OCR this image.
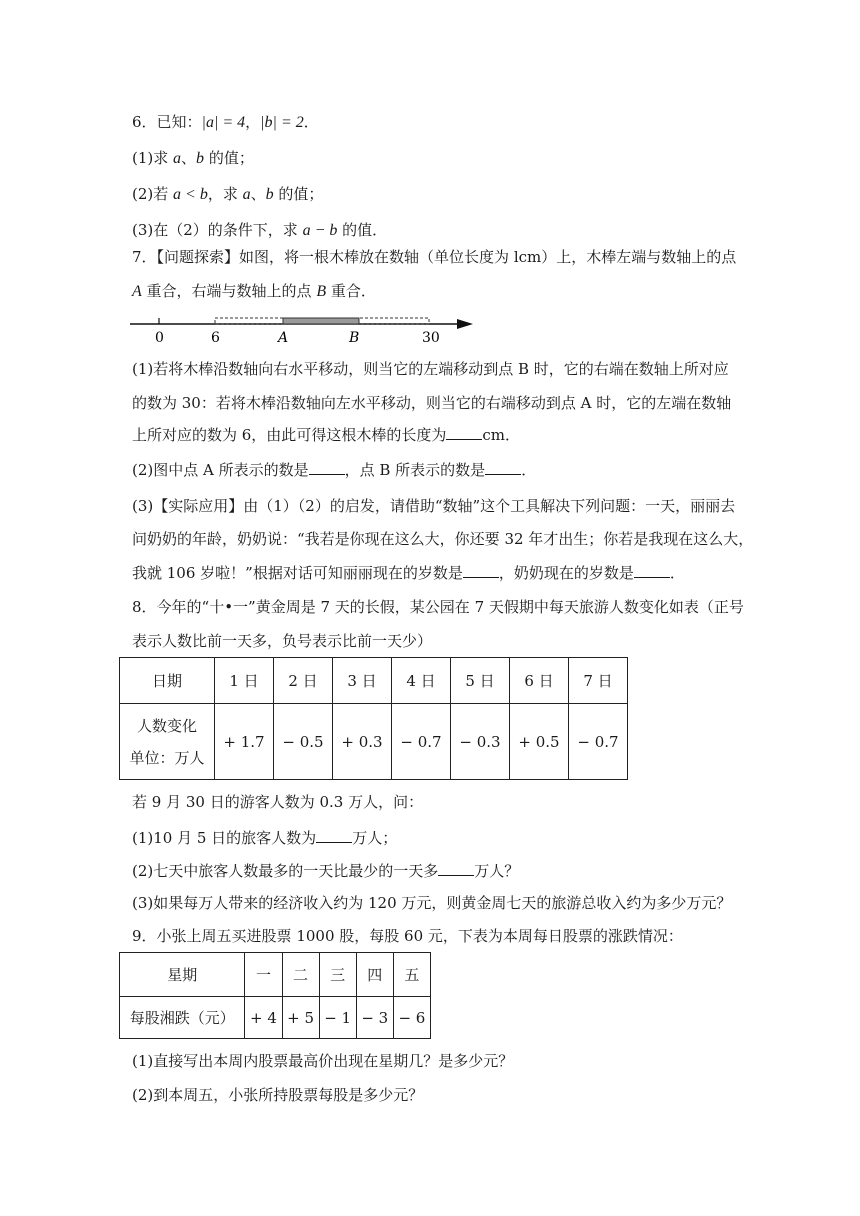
6．已知：|a| = 4，|b| = 2．
(1)求 a、b 的值；
(2)若 a < b，求 a、b 的值；
(3)在（2）的条件下，求 a − b 的值．
7．【问题探索】如图，将一根木棒放在数轴（单位长度为 lcm）上，木棒左端与数轴上的点
A 重合，右端与数轴上的点 B 重合．
0	6	A	B	30
(1)若将木棒沿数轴向右水平移动，则当它的左端移动到点 B 时，它的右端在数轴上所对应
的数为 30：若将木棒沿数轴向左水平移动，则当它的右端移动到点 A 时，它的左端在数轴
上所对应的数为 6，由此可得这根木棒的长度为 cm．
(2)图中点 A 所表示的数是 ，点 B 所表示的数是 ．
(3)【实际应用】由（1）（2）的启发，请借助“数轴”这个工具解决下列问题：一天，丽丽去
问奶奶的年龄，奶奶说：“我若是你现在这么大，你还要 32 年才出生；你若是我现在这么大，
我就 106 岁啦！”根据对话可知丽丽现在的岁数是 ，奶奶现在的岁数是 ．
8．今年的“十•一”黄金周是 7 天的长假，某公园在 7 天假期中每天旅游人数变化如表（正号
表示人数比前一天多，负号表示比前一天少）
日期	1 日	2 日	3 日	4 日	5 日	6 日	7 日

人数变化
单位：万人	+ 1.7	− 0.5	+ 0.3	− 0.7	− 0.3	+ 0.5	− 0.7
若 9 月 30 日的游客人数为 0.3 万人，问：
(1)10 月 5 日的旅客人数为 万人；
(2)七天中旅客人数最多的一天比最少的一天多 万人？
(3)如果每万人带来的经济收入约为 120 万元，则黄金周七天的旅游总收入约为多少万元？
9．小张上周五买进股票 1000 股，每股 60 元，下表为本周每日股票的涨跌情况：
星期	一	二	三	四	五
每股湘跌（元）	+ 4	+ 5	− 1	− 3	− 6
(1)直接写出本周内股票最高价出现在星期几？是多少元？
(2)到本周五，小张所持股票每股是多少元？
